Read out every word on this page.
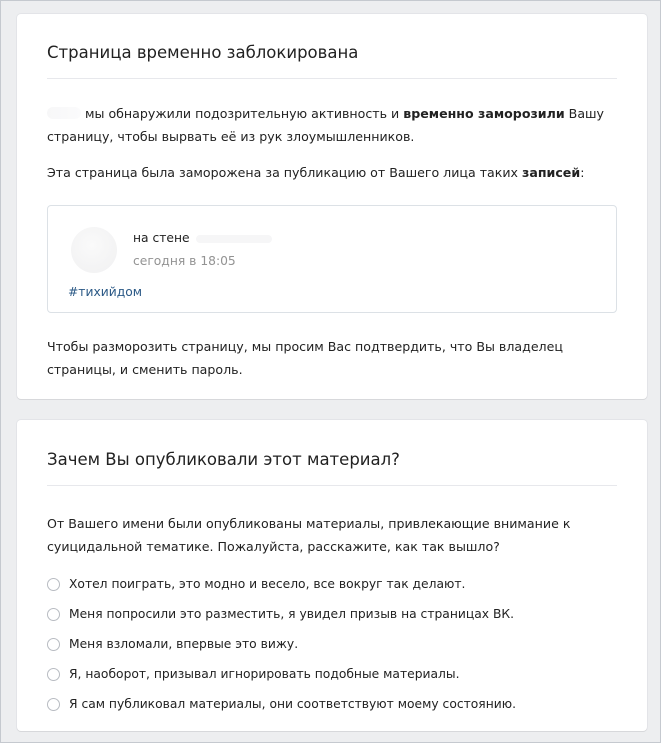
Страница временно заблокирована
мы обнаружили подозрительную активность и временно заморозили Вашу страницу, чтобы вырвать её из рук злоумышленников.
Эта страница была заморожена за публикацию от Вашего лица таких записей:
на стене
сегодня в 18:05
#тихийдом
Чтобы разморозить страницу, мы просим Вас подтвердить, что Вы владелец страницы, и сменить пароль.
Зачем Вы опубликовали этот материал?
От Вашего имени были опубликованы материалы, привлекающие внимание к суицидальной тематике. Пожалуйста, расскажите, как так вышло?
Хотел поиграть, это модно и весело, все вокруг так делают.
Меня попросили это разместить, я увидел призыв на страницах ВК.
Меня взломали, впервые это вижу.
Я, наоборот, призывал игнорировать подобные материалы.
Я сам публиковал материалы, они соответствуют моему состоянию.
